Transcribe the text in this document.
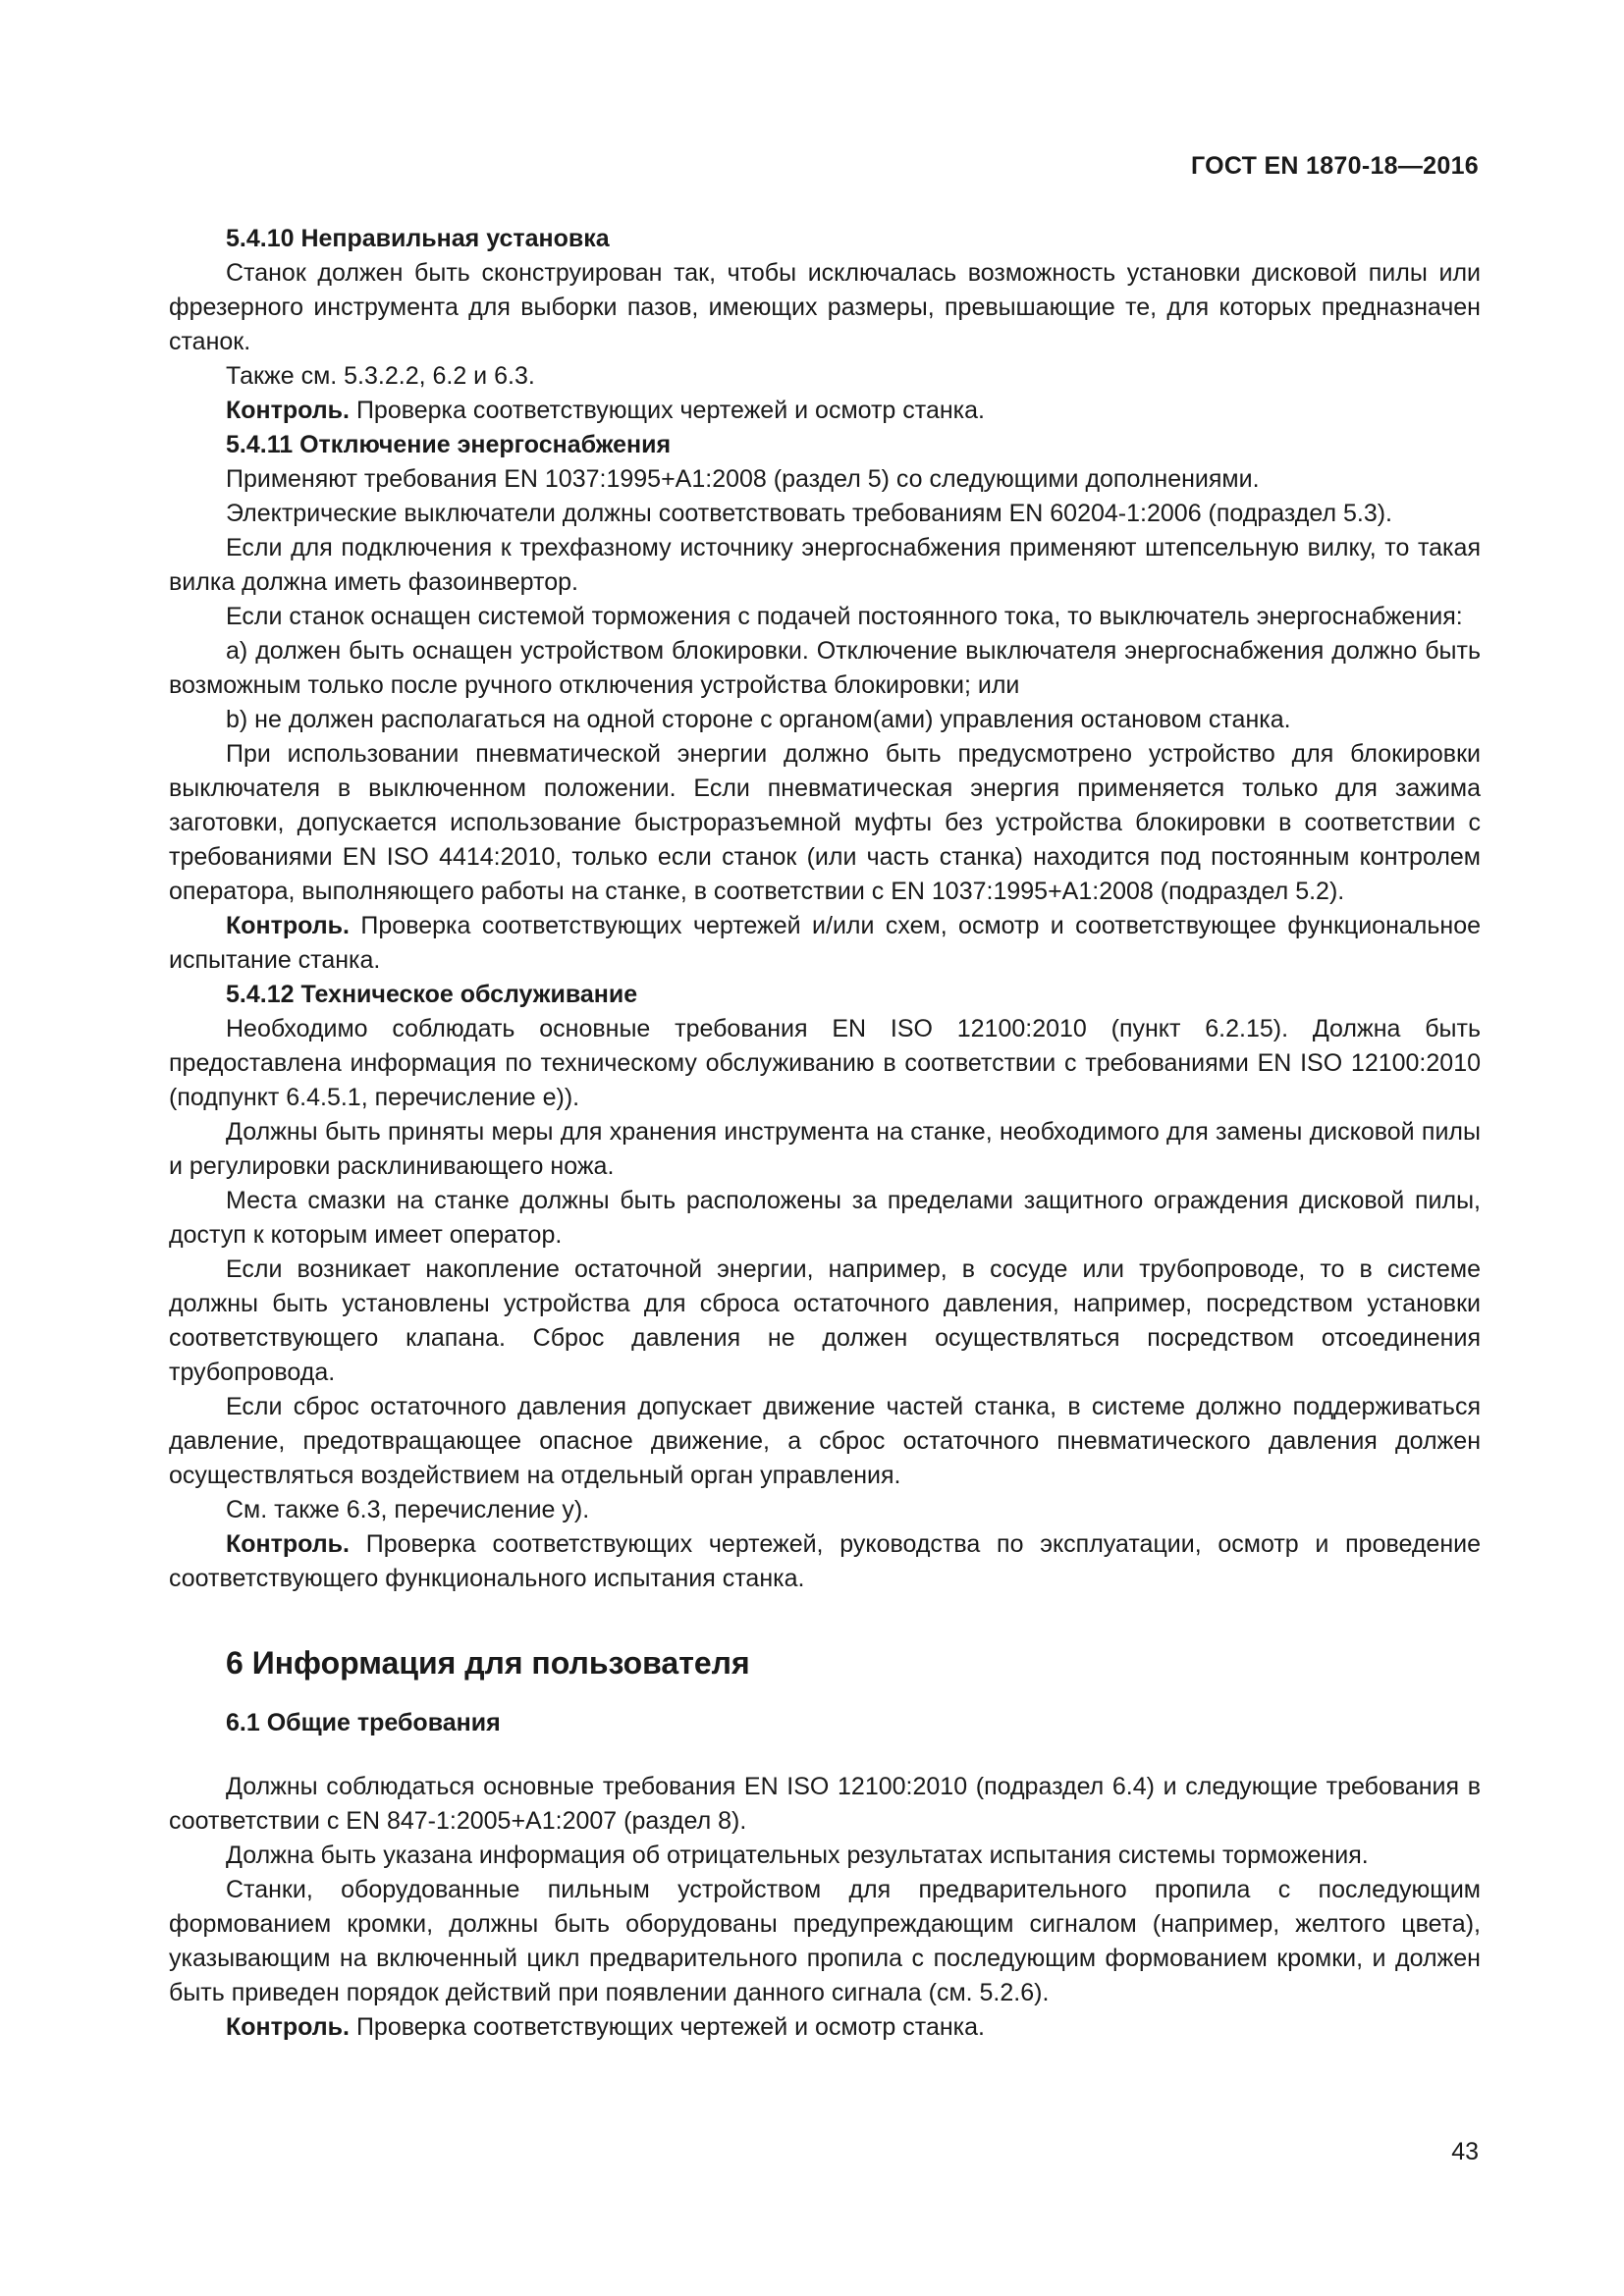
ГОСТ EN 1870-18—2016

5.4.10 Неправильная установка

Станок должен быть сконструирован так, чтобы исключалась возможность установки дисковой пилы или фрезерного инструмента для выборки пазов, имеющих размеры, превышающие те, для которых предназначен станок.

Также см. 5.3.2.2, 6.2 и 6.3.

Контроль. Проверка соответствующих чертежей и осмотр станка.

5.4.11 Отключение энергоснабжения

Применяют требования EN 1037:1995+A1:2008 (раздел 5) со следующими дополнениями.

Электрические выключатели должны соответствовать требованиям EN 60204-1:2006 (подраздел 5.3).

Если для подключения к трехфазному источнику энергоснабжения применяют штепсельную вилку, то такая вилка должна иметь фазоинвертор.

Если станок оснащен системой торможения с подачей постоянного тока, то выключатель энергоснабжения:

a) должен быть оснащен устройством блокировки. Отключение выключателя энергоснабжения должно быть возможным только после ручного отключения устройства блокировки; или

b) не должен располагаться на одной стороне с органом(ами) управления остановом станка.

При использовании пневматической энергии должно быть предусмотрено устройство для блокировки выключателя в выключенном положении. Если пневматическая энергия применяется только для зажима заготовки, допускается использование быстроразъемной муфты без устройства блокировки в соответствии с требованиями EN ISO 4414:2010, только если станок (или часть станка) находится под постоянным контролем оператора, выполняющего работы на станке, в соответствии с EN 1037:1995+A1:2008 (подраздел 5.2).

Контроль. Проверка соответствующих чертежей и/или схем, осмотр и соответствующее функциональное испытание станка.

5.4.12 Техническое обслуживание

Необходимо соблюдать основные требования EN ISO 12100:2010 (пункт 6.2.15). Должна быть предоставлена информация по техническому обслуживанию в соответствии с требованиями EN ISO 12100:2010 (подпункт 6.4.5.1, перечисление e)).

Должны быть приняты меры для хранения инструмента на станке, необходимого для замены дисковой пилы и регулировки расклинивающего ножа.

Места смазки на станке должны быть расположены за пределами защитного ограждения дисковой пилы, доступ к которым имеет оператор.

Если возникает накопление остаточной энергии, например, в сосуде или трубопроводе, то в системе должны быть установлены устройства для сброса остаточного давления, например, посредством установки соответствующего клапана. Сброс давления не должен осуществляться посредством отсоединения трубопровода.

Если сброс остаточного давления допускает движение частей станка, в системе должно поддерживаться давление, предотвращающее опасное движение, а сброс остаточного пневматического давления должен осуществляться воздействием на отдельный орган управления.

См. также 6.3, перечисление y).

Контроль. Проверка соответствующих чертежей, руководства по эксплуатации, осмотр и проведение соответствующего функционального испытания станка.

6 Информация для пользователя

6.1 Общие требования

Должны соблюдаться основные требования EN ISO 12100:2010 (подраздел 6.4) и следующие требования в соответствии с EN 847-1:2005+A1:2007 (раздел 8).

Должна быть указана информация об отрицательных результатах испытания системы торможения.

Станки, оборудованные пильным устройством для предварительного пропила с последующим формованием кромки, должны быть оборудованы предупреждающим сигналом (например, желтого цвета), указывающим на включенный цикл предварительного пропила с последующим формованием кромки, и должен быть приведен порядок действий при появлении данного сигнала (см. 5.2.6).

Контроль. Проверка соответствующих чертежей и осмотр станка.

43
